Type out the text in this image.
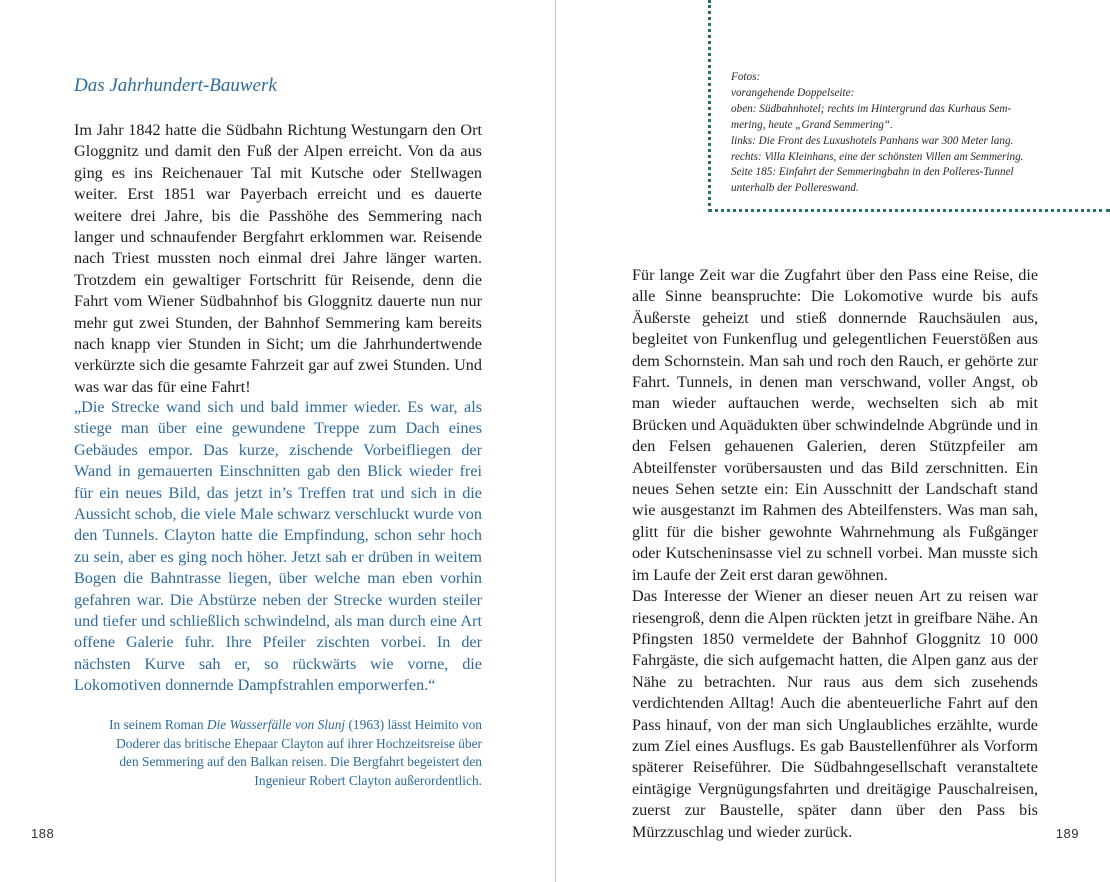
Das Jahrhundert-Bauwerk

Im Jahr 1842 hatte die Südbahn Richtung Westungarn den Ort Gloggnitz und damit den Fuß der Alpen erreicht. Von da aus ging es ins Reichenauer Tal mit Kutsche oder Stellwagen weiter. Erst 1851 war Payerbach erreicht und es dauerte weitere drei Jahre, bis die Passhöhe des Semmering nach langer und schnaufender Bergfahrt erklommen war. Reisende nach Triest mussten noch einmal drei Jahre länger warten. Trotzdem ein gewaltiger Fortschritt für Reisende, denn die Fahrt vom Wiener Südbahnhof bis Gloggnitz dauerte nun nur mehr gut zwei Stunden, der Bahnhof Semmering kam bereits nach knapp vier Stunden in Sicht; um die Jahrhundertwende verkürzte sich die gesamte Fahrzeit gar auf zwei Stunden. Und was war das für eine Fahrt!

„Die Strecke wand sich und bald immer wieder. Es war, als stiege man über eine gewundene Treppe zum Dach eines Gebäudes empor. Das kurze, zischende Vorbeifliegen der Wand in gemauerten Einschnitten gab den Blick wieder frei für ein neues Bild, das jetzt in’s Treffen trat und sich in die Aussicht schob, die viele Male schwarz verschluckt wurde von den Tunnels. Clayton hatte die Empfindung, schon sehr hoch zu sein, aber es ging noch höher. Jetzt sah er drüben in weitem Bogen die Bahntrasse liegen, über welche man eben vorhin gefahren war. Die Abstürze neben der Strecke wurden steiler und tiefer und schließlich schwindelnd, als man durch eine Art offene Galerie fuhr. Ihre Pfeiler zischten vorbei. In der nächsten Kurve sah er, so rückwärts wie vorne, die Lokomotiven donnernde Dampfstrahlen emporwerfen.“

In seinem Roman Die Wasserfälle von Slunj (1963) lässt Heimito von Doderer das britische Ehepaar Clayton auf ihrer Hochzeitsreise über den Semmering auf den Balkan reisen. Die Bergfahrt begeistert den Ingenieur Robert Clayton außerordentlich.

188

Fotos:
vorangehende Doppelseite:
oben: Südbahnhotel; rechts im Hintergrund das Kurhaus Sem-
mering, heute „Grand Semmering“.
links: Die Front des Luxushotels Panhans war 300 Meter lang.
rechts: Villa Kleinhans, eine der schönsten Villen am Semmering.
Seite 185: Einfahrt der Semmeringbahn in den Polleres-Tunnel
unterhalb der Pollereswand.

Für lange Zeit war die Zugfahrt über den Pass eine Reise, die alle Sinne beanspruchte: Die Lokomotive wurde bis aufs Äußerste geheizt und stieß donnernde Rauchsäulen aus, begleitet von Funkenflug und gelegentlichen Feuerstößen aus dem Schornstein. Man sah und roch den Rauch, er gehörte zur Fahrt. Tunnels, in denen man verschwand, voller Angst, ob man wieder auftauchen werde, wechselten sich ab mit Brücken und Aquädukten über schwindelnde Abgründe und in den Felsen gehauenen Galerien, deren Stützpfeiler am Abteilfenster vorübersausten und das Bild zerschnitten. Ein neues Sehen setzte ein: Ein Ausschnitt der Landschaft stand wie ausgestanzt im Rahmen des Abteilfensters. Was man sah, glitt für die bisher gewohnte Wahrnehmung als Fußgänger oder Kutscheninsasse viel zu schnell vorbei. Man musste sich im Laufe der Zeit erst daran gewöhnen.
Das Interesse der Wiener an dieser neuen Art zu reisen war riesengroß, denn die Alpen rückten jetzt in greifbare Nähe. An Pfingsten 1850 vermeldete der Bahnhof Gloggnitz 10 000 Fahrgäste, die sich aufgemacht hatten, die Alpen ganz aus der Nähe zu betrachten. Nur raus aus dem sich zusehends verdichtenden Alltag! Auch die abenteuerliche Fahrt auf den Pass hinauf, von der man sich Unglaubliches erzählte, wurde zum Ziel eines Ausflugs. Es gab Baustellenführer als Vorform späterer Reiseführer. Die Südbahngesellschaft veranstaltete eintägige Vergnügungsfahrten und dreitägige Pauschalreisen, zuerst zur Baustelle, später dann über den Pass bis Mürzzuschlag und wieder zurück.	189
